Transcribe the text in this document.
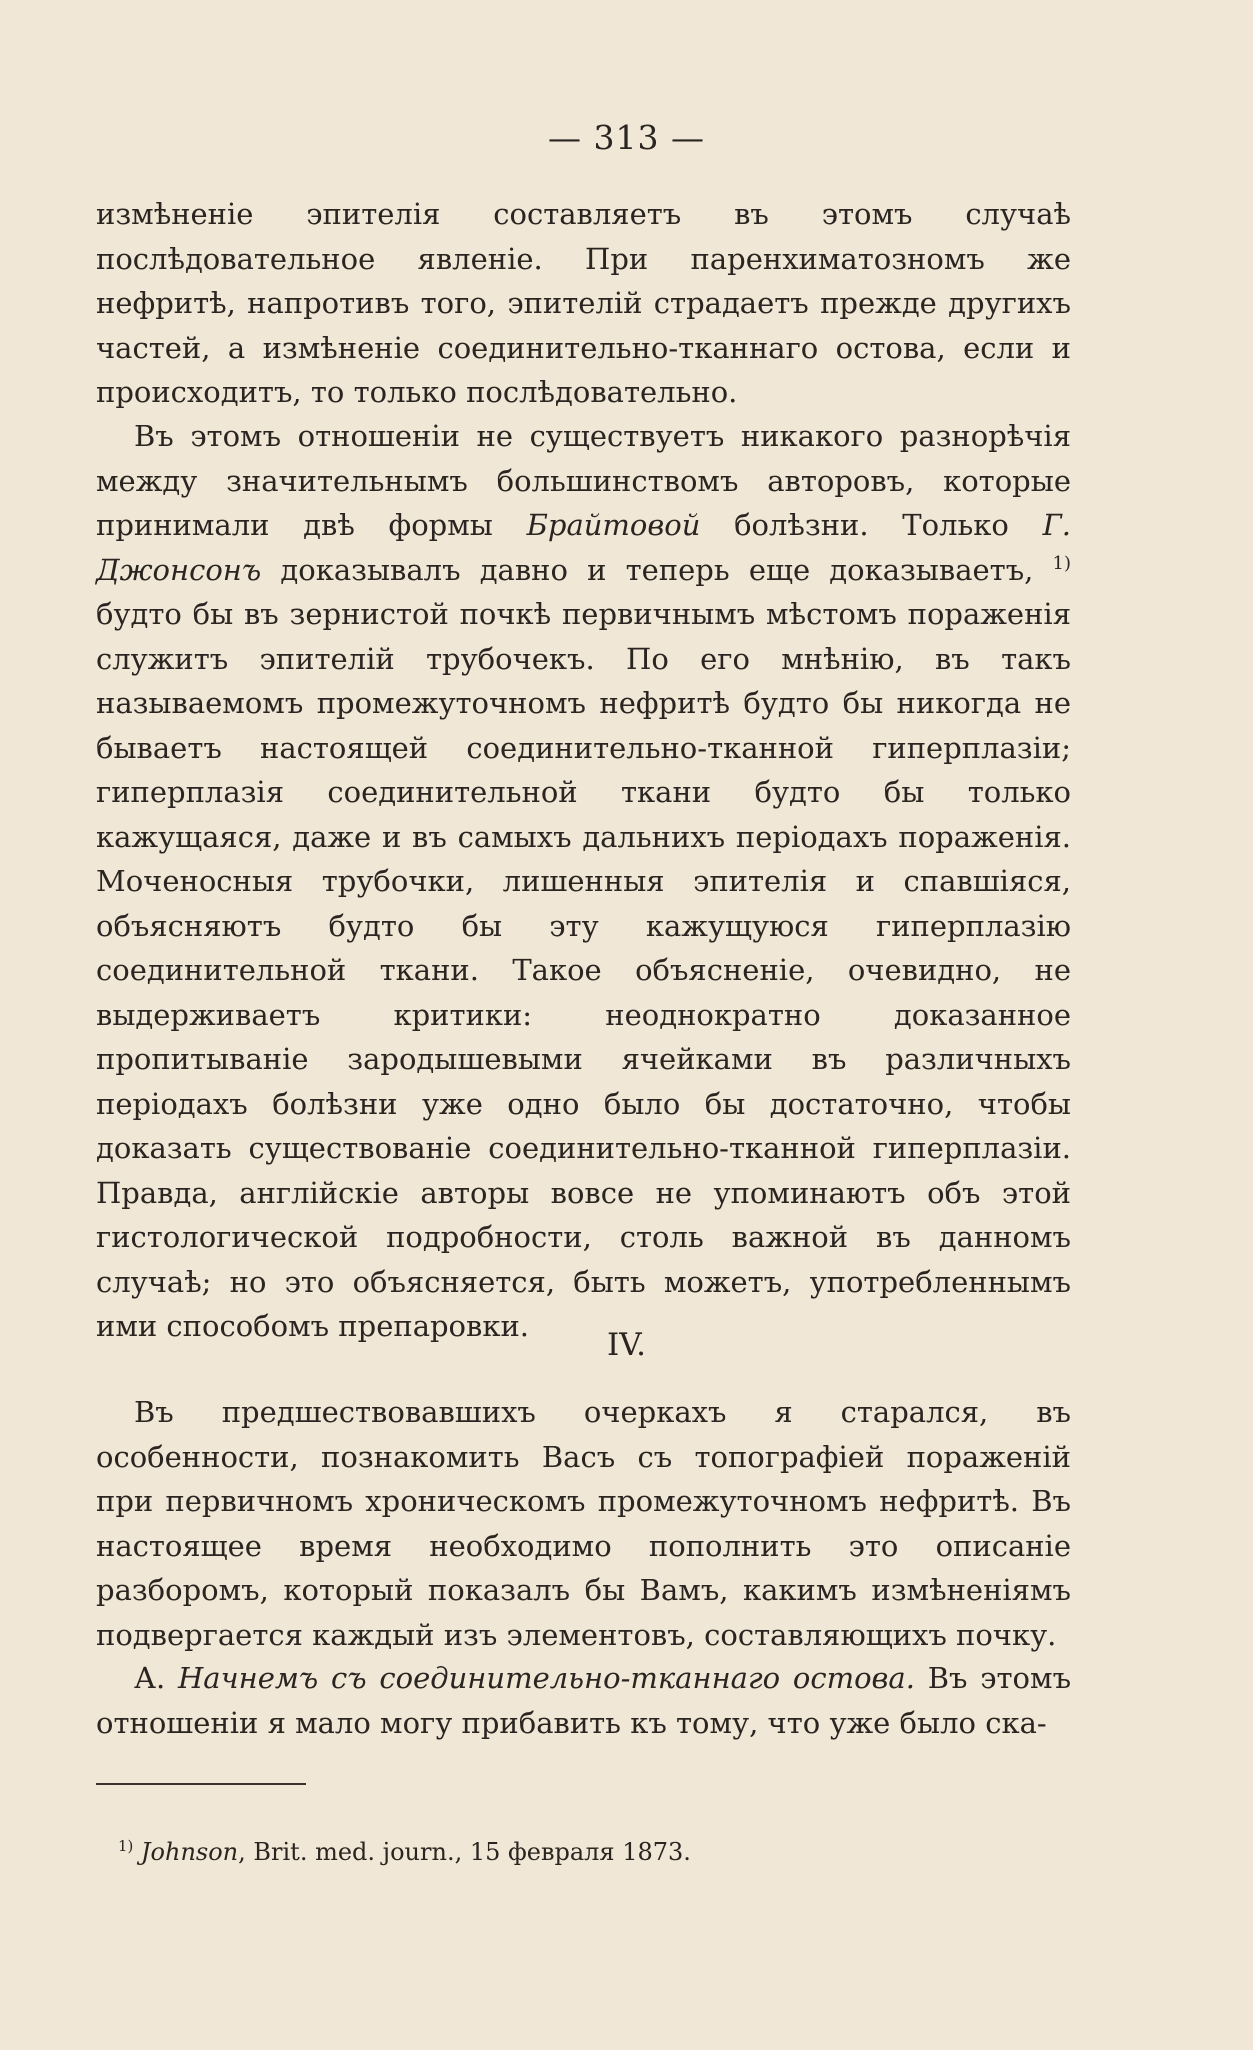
— 313 —

измѣненіе эпителія составляетъ въ этомъ случаѣ послѣдовательное явленіе. При паренхиматозномъ же нефритѣ, напротивъ того, эпителій страдаетъ прежде другихъ частей, а измѣненіе соединительно-тканнаго остова, если и происходитъ, то только послѣдовательно.

Въ этомъ отношеніи не существуетъ никакого разнорѣчія между значительнымъ большинствомъ авторовъ, которые принимали двѣ формы Брайтовой болѣзни. Только Г. Джонсонъ доказывалъ давно и теперь еще доказываетъ, $^{1)}$ будто бы въ зернистой почкѣ первичнымъ мѣстомъ пораженія служитъ эпителій трубочекъ. По его мнѣнію, въ такъ называемомъ промежуточномъ нефритѣ будто бы никогда не бываетъ настоящей соединительно-тканной гиперплазіи; гиперплазія соединительной ткани будто бы только кажущаяся, даже и въ самыхъ дальнихъ періодахъ пораженія. Моченосныя трубочки, лишенныя эпителія и спавшіяся, объясняютъ будто бы эту кажущуюся гиперплазію соединительной ткани. Такое объясненіе, очевидно, не выдерживаетъ критики: неоднократно доказанное пропитываніе зародышевыми ячейками въ различныхъ періодахъ болѣзни уже одно было бы достаточно, чтобы доказать существованіе соединительно-тканной гиперплазіи. Правда, англійскіе авторы вовсе не упоминаютъ объ этой гистологической подробности, столь важной въ данномъ случаѣ; но это объясняется, быть можетъ, употребленнымъ ими способомъ препаровки.

IV.

Въ предшествовавшихъ очеркахъ я старался, въ особенности, познакомить Васъ съ топографіей пораженій при первичномъ хроническомъ промежуточномъ нефритѣ. Въ настоящее время необходимо пополнить это описаніе разборомъ, который показалъ бы Вамъ, какимъ измѣненіямъ подвергается каждый изъ элементовъ, составляющихъ почку.

А. Начнемъ съ соединительно-тканнаго остова. Въ этомъ отношеніи я мало могу прибавить къ тому, что уже было ска-

$^{1)}$ Johnson, Brit. med. journ., 15 февраля 1873.
